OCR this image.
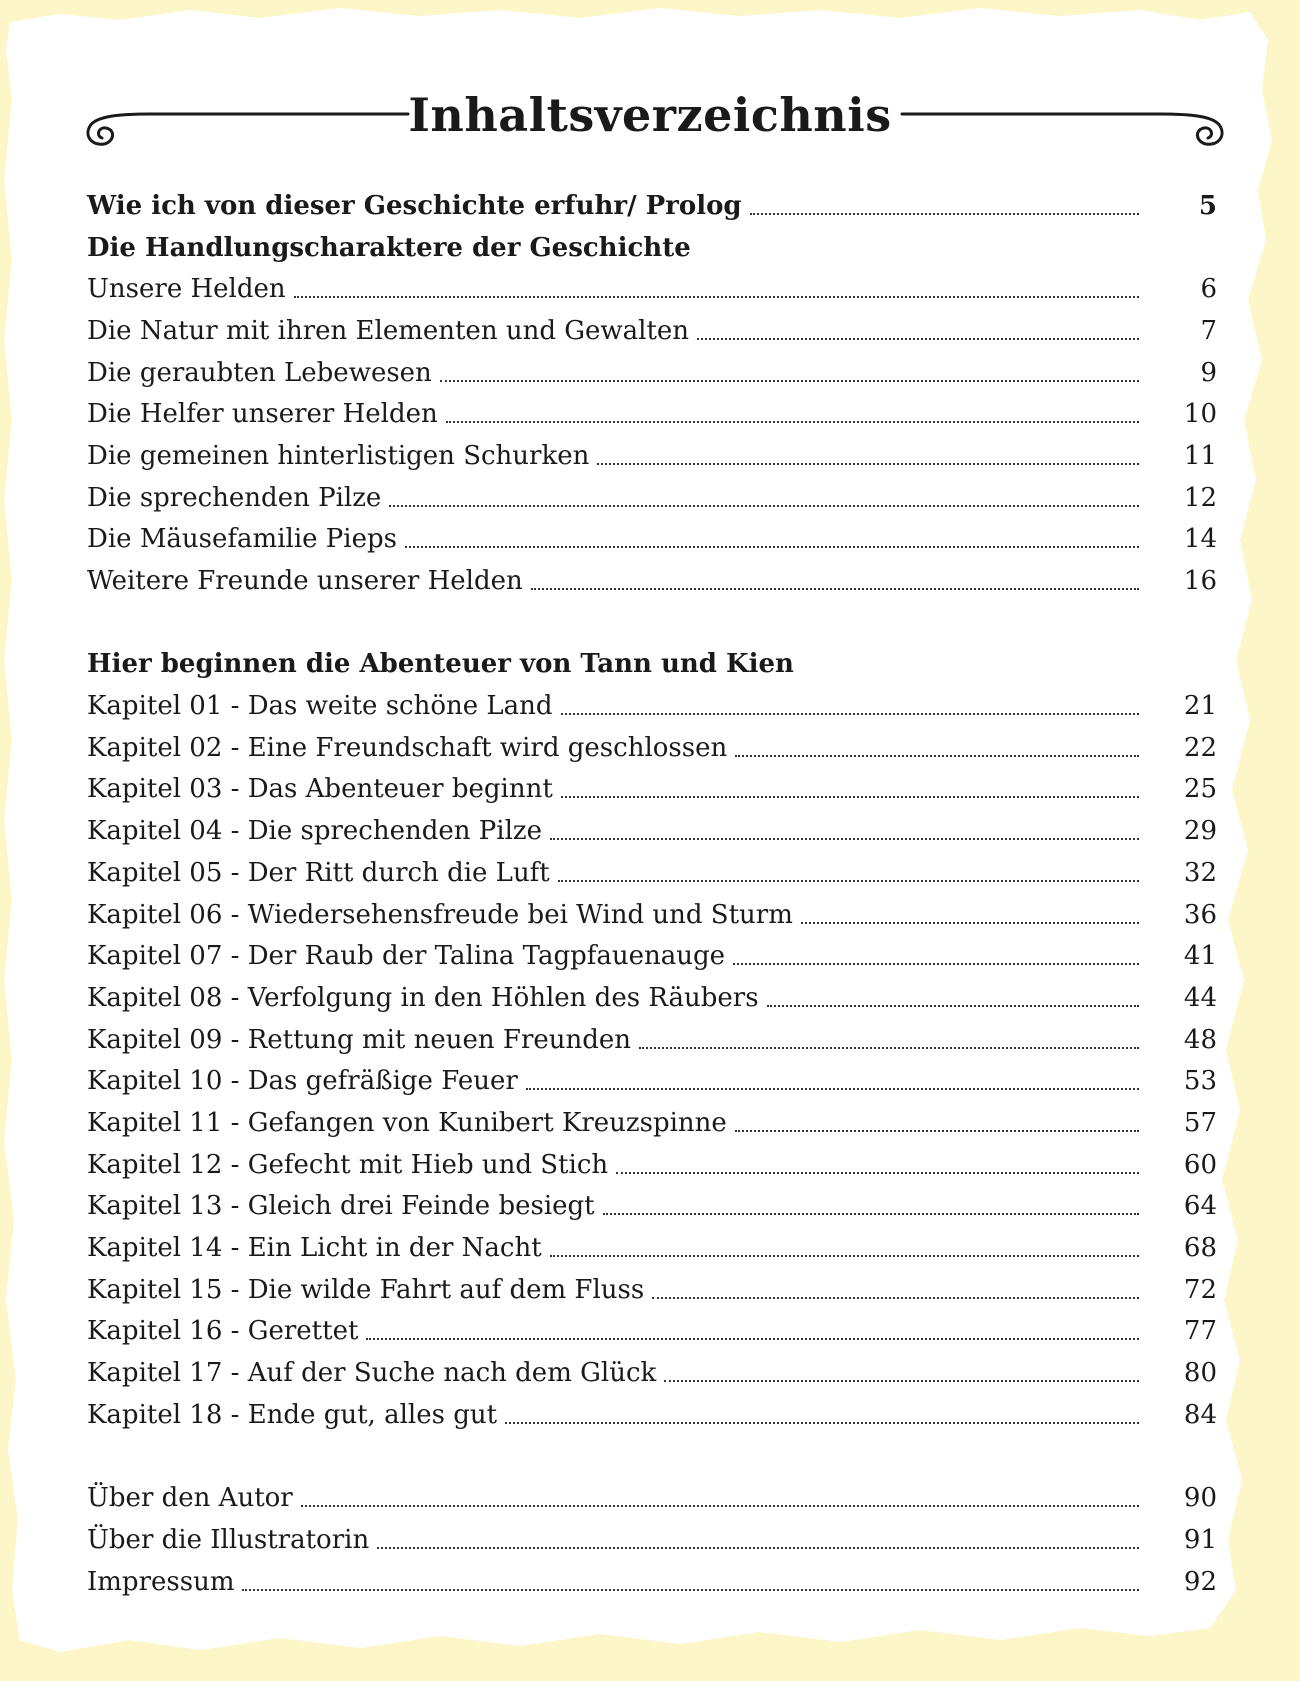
Inhaltsverzeichnis
Wie ich von dieser Geschichte erfuhr/ Prolog	5
Die Handlungscharaktere der Geschichte
Unsere Helden	6
Die Natur mit ihren Elementen und Gewalten	7
Die geraubten Lebewesen	9
Die Helfer unserer Helden	10
Die gemeinen hinterlistigen Schurken	11
Die sprechenden Pilze	12
Die Mäusefamilie Pieps	14
Weitere Freunde unserer Helden	16
Hier beginnen die Abenteuer von Tann und Kien
Kapitel 01 - Das weite schöne Land	21
Kapitel 02 - Eine Freundschaft wird geschlossen	22
Kapitel 03 - Das Abenteuer beginnt	25
Kapitel 04 - Die sprechenden Pilze	29
Kapitel 05 - Der Ritt durch die Luft	32
Kapitel 06 - Wiedersehensfreude bei Wind und Sturm	36
Kapitel 07 - Der Raub der Talina Tagpfauenauge	41
Kapitel 08 - Verfolgung in den Höhlen des Räubers	44
Kapitel 09 - Rettung mit neuen Freunden	48
Kapitel 10 - Das gefräßige Feuer	53
Kapitel 11 - Gefangen von Kunibert Kreuzspinne	57
Kapitel 12 - Gefecht mit Hieb und Stich	60
Kapitel 13 - Gleich drei Feinde besiegt	64
Kapitel 14 - Ein Licht in der Nacht	68
Kapitel 15 - Die wilde Fahrt auf dem Fluss	72
Kapitel 16 - Gerettet	77
Kapitel 17 - Auf der Suche nach dem Glück	80
Kapitel 18 - Ende gut, alles gut	84
Über den Autor	90
Über die Illustratorin	91
Impressum	92
